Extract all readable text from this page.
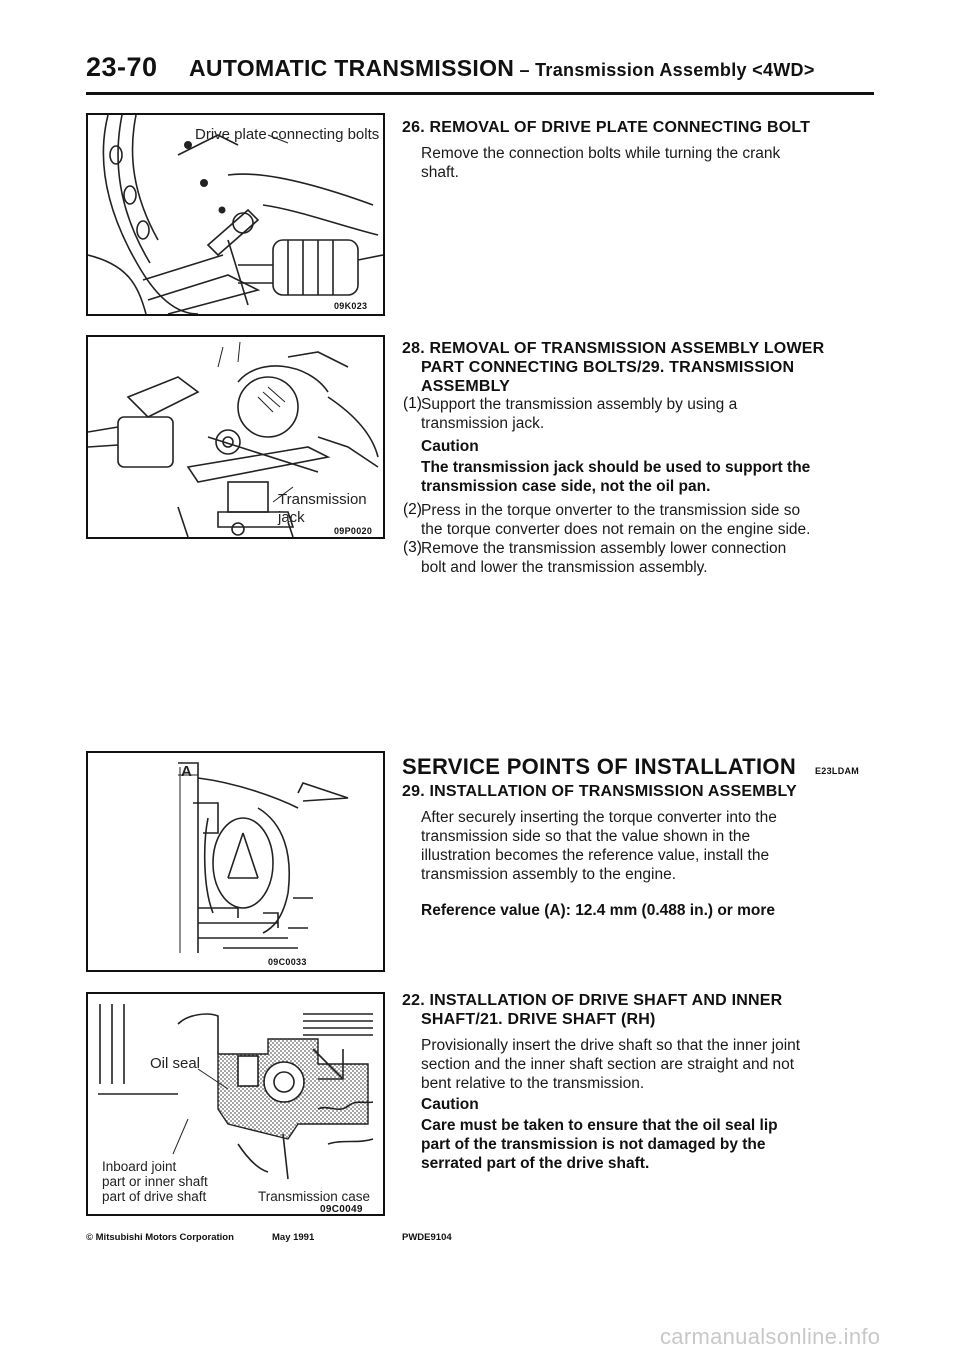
23-70 AUTOMATIC TRANSMISSION – Transmission Assembly <4WD>
Drive plate connecting bolts
09K023
Transmission
jack
09P0020
A
09C0033
Oil seal
Inboard joint
part or inner shaft
part of drive shaft	Transmission case
09C0049
26. REMOVAL OF DRIVE PLATE CONNECTING BOLT
Remove the connection bolts while turning the crank
shaft.
28. REMOVAL OF TRANSMISSION ASSEMBLY LOWER
PART CONNECTING BOLTS/29. TRANSMISSION
ASSEMBLY
(1) Support the transmission assembly by using a
transmission jack.
Caution
The transmission jack should be used to support the
transmission case side, not the oil pan.
(2) Press in the torque onverter to the transmission side so
the torque converter does not remain on the engine side.
(3) Remove the transmission assembly lower connection
bolt and lower the transmission assembly.
SERVICE POINTS OF INSTALLATION E23LDAM
29. INSTALLATION OF TRANSMISSION ASSEMBLY
After securely inserting the torque converter into the
transmission side so that the value shown in the
illustration becomes the reference value, install the
transmission assembly to the engine.
Reference value (A): 12.4 mm (0.488 in.) or more
22. INSTALLATION OF DRIVE SHAFT AND INNER
SHAFT/21. DRIVE SHAFT (RH)
Provisionally insert the drive shaft so that the inner joint
section and the inner shaft section are straight and not
bent relative to the transmission.
Caution
Care must be taken to ensure that the oil seal lip
part of the transmission is not damaged by the
serrated part of the drive shaft.
© Mitsubishi Motors Corporation	May 1991	PWDE9104
carmanualsonline.info
